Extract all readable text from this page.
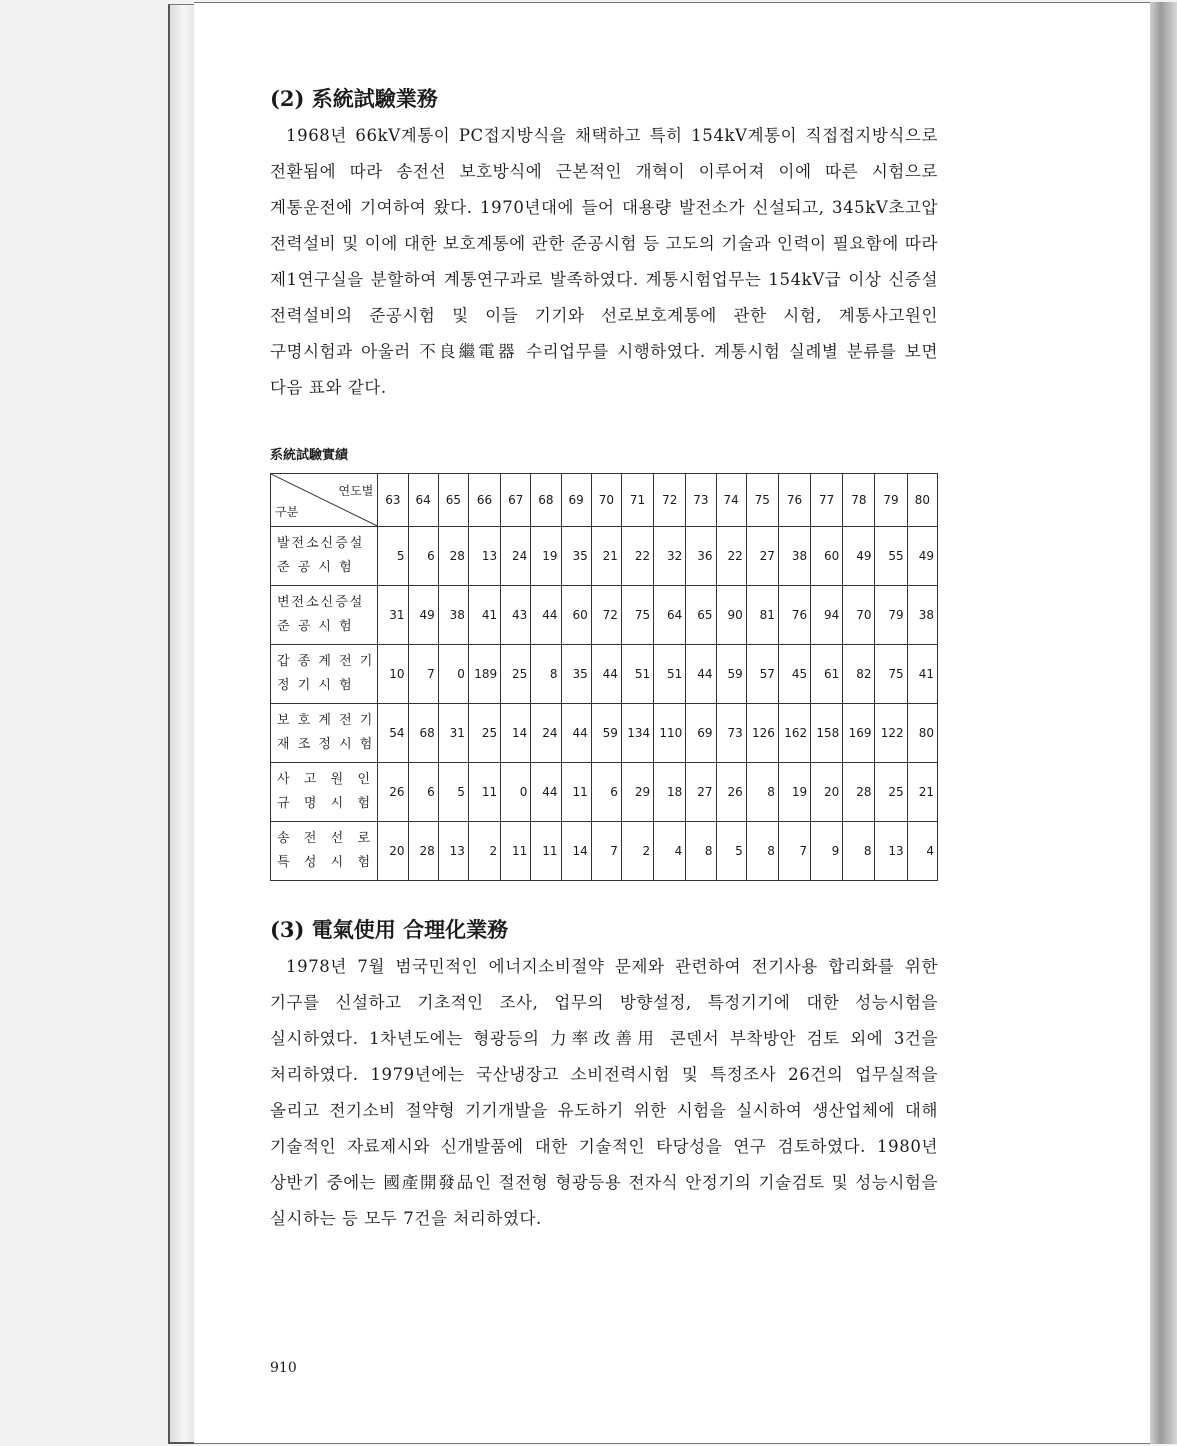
(2) 系統試驗業務

1968년 66kV계통이 PC접지방식을 채택하고 특히 154kV계통이 직접접지방식으로 전환됨에 따라 송전선 보호방식에 근본적인 개혁이 이루어져 이에 따른 시험으로 계통운전에 기여하여 왔다. 1970년대에 들어 대용량 발전소가 신설되고, 345kV초고압 전력설비 및 이에 대한 보호계통에 관한 준공시험 등 고도의 기술과 인력이 필요함에 따라 제1연구실을 분할하여 계통연구과로 발족하였다. 계통시험업무는 154kV급 이상 신증설 전력설비의 준공시험 및 이들 기기와 선로보호계통에 관한 시험, 계통사고원인 구명시험과 아울러 不良繼電器 수리업무를 시행하였다. 계통시험 실례별 분류를 보면 다음 표와 같다.

系統試驗實績
연도별
구분	63	64	65	66	67	68	69	70	71	72	73	74	75	76	77	78	79	80
발전소신증설
준 공 시 험	5	6	28	13	24	19	35	21	22	32	36	22	27	38	60	49	55	49
변전소신증설
준 공 시 험	31	49	38	41	43	44	60	72	75	64	65	90	81	76	94	70	79	38
갑 종 계 전 기
정 기 시 험	10	7	0	189	25	8	35	44	51	51	44	59	57	45	61	82	75	41
보 호 계 전 기
재 조 정 시 험	54	68	31	25	14	24	44	59	134	110	69	73	126	162	158	169	122	80
사  고  원  인
규  명  시  험	26	6	5	11	0	44	11	6	29	18	27	26	8	19	20	28	25	21
송  전  선  로
특  성  시  험	20	28	13	2	11	11	14	7	2	4	8	5	8	7	9	8	13	4
(3) 電氣使用 合理化業務

1978년 7월 범국민적인 에너지소비절약 문제와 관련하여 전기사용 합리화를 위한 기구를 신설하고 기초적인 조사, 업무의 방향설정, 특정기기에 대한 성능시험을 실시하였다. 1차년도에는 형광등의 力率改善用 콘덴서 부착방안 검토 외에 3건을 처리하였다. 1979년에는 국산냉장고 소비전력시험 및 특정조사 26건의 업무실적을 올리고 전기소비 절약형 기기개발을 유도하기 위한 시험을 실시하여 생산업체에 대해 기술적인 자료제시와 신개발품에 대한 기술적인 타당성을 연구 검토하였다. 1980년 상반기 중에는 國產開發品인 절전형 형광등용 전자식 안정기의 기술검토 및 성능시험을 실시하는 등 모두 7건을 처리하였다.

910
